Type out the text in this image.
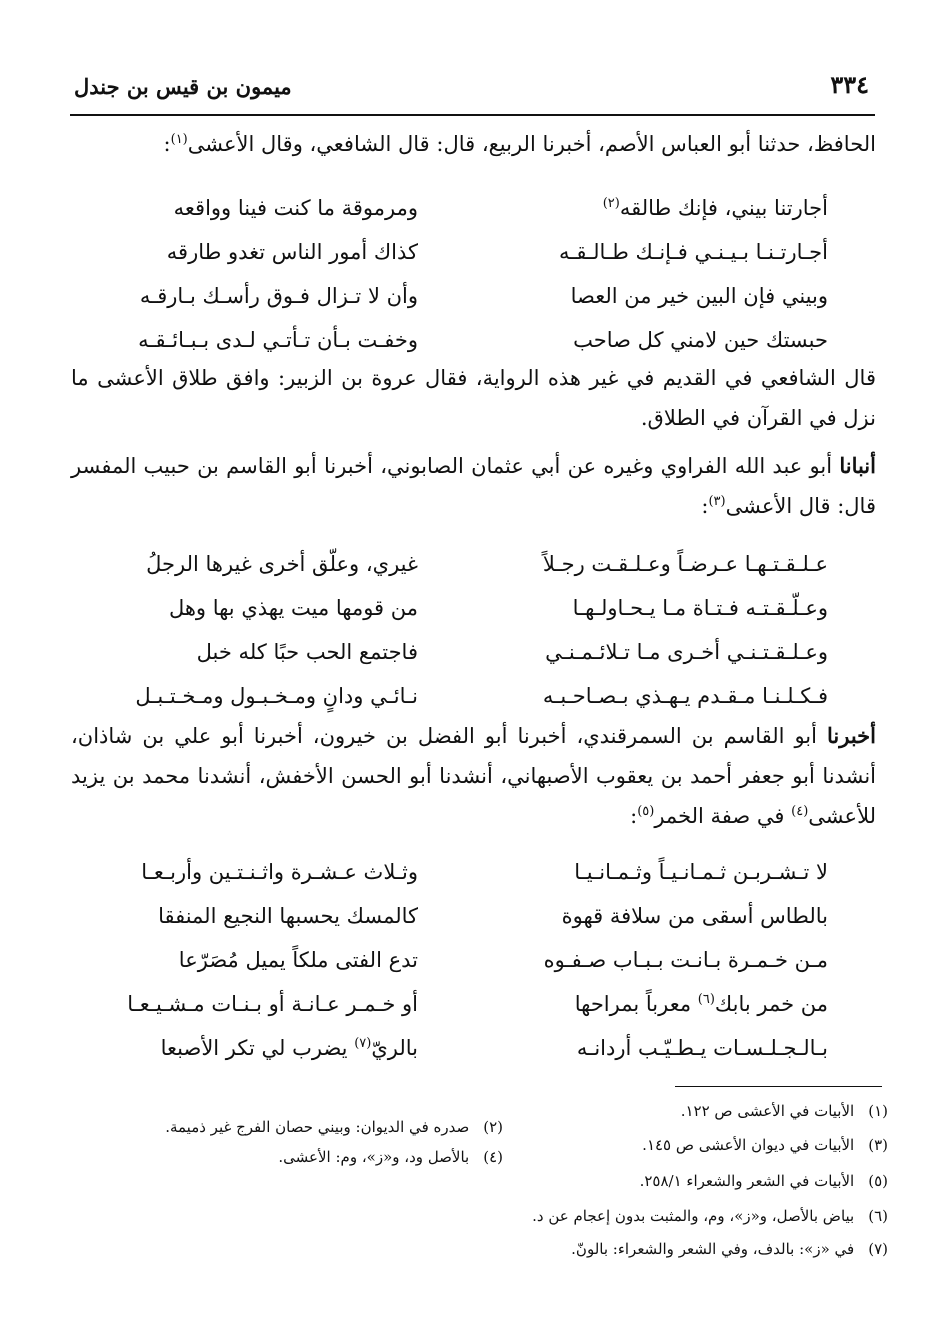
٣٣٤
ميمون بن قيس بن جندل

الحافظ، حدثنا أبو العباس الأصم، أخبرنا الربيع، قال: قال الشافعي، وقال الأعشى$^{(١)}$:

أجارتنا بيني، فإنك طالقه$^{(٢)}$
ومرموقة ما كنت فينا وواقعه
أجـارتـنـا بـيـنـي فـإنـك طـالـقـه
كذاك أمور الناس تغدو طارقه
وبيني فإن البين خير من العصا
وأن لا تـزال فـوق رأسـك بـارقـه
حبستك حين لامني كل صاحب
وخفـت بـأن تـأتـي لـدى بـبـائـقـه

قال الشافعي في القديم في غير هذه الرواية، فقال عروة بن الزبير: وافق طلاق الأعشى ما نزل في القرآن في الطلاق.

أنبانا أبو عبد الله الفراوي وغيره عن أبي عثمان الصابوني، أخبرنا أبو القاسم بن حبيب المفسر قال: قال الأعشى$^{(٣)}$:

عـلـقـتـهـا عـرضـاً وعـلـقـت رجـلاً
غيري، وعلّق أخرى غيرها الرجلُ
وعـلّـقـتـه فـتـاة مـا يـحـاولـهـا
من قومها ميت يهذي بها وهل
وعـلـقـتـنـي أخـرى مـا تـلائـمـنـي
فاجتمع الحب حبًا كله خبل
فـكـلـنـا مـقـدم يـهـذي بـصـاحـبـه
نـائـي ودانٍ ومـخـبـول ومـخـتـبـل

أخبرنا أبو القاسم بن السمرقندي، أخبرنا أبو الفضل بن خيرون، أخبرنا أبو علي بن شاذان، أنشدنا أبو جعفر أحمد بن يعقوب الأصبهاني، أنشدنا أبو الحسن الأخفش، أنشدنا محمد بن يزيد للأعشى$^{(٤)}$ في صفة الخمر$^{(٥)}$:

لا تـشـربـن ثـمـانـيـاً وثـمـانـيـا
وثـلاث عـشـرة واثـنـتـين وأربـعـا
بالطاس أسقى من سلافة قهوة
كالمسك يحسبها النجيع المنفقا
مـن خـمـرة بـانـت بـبـاب صـفـوه
تدع الفتى ملكاً يميل مُصَرّعا
من خمر بابك$^{(٦)}$ معرباً بمراحها
أو خـمـر عـانـة أو بـنـات مـشـيـعـا
بـالـجـلـسـات يـطـيّـب أردانـه
بالريّ$^{(٧)}$ يضرب لي تكر الأصبعا
(١)الأبيات في الأعشى ص ١٢٢.
(٢)صدره في الديوان: وبيني حصان الفرج غير ذميمة.
(٣)الأبيات في ديوان الأعشى ص ١٤٥.
(٤)بالأصل ود، و«ز»، وم: الأعشى.
(٥)الأبيات في الشعر والشعراء ٢٥٨/١.
(٦)بياض بالأصل، و«ز»، وم، والمثبت بدون إعجام عن د.
(٧)في «ز»: بالدف، وفي الشعر والشعراء: بالونّ.
